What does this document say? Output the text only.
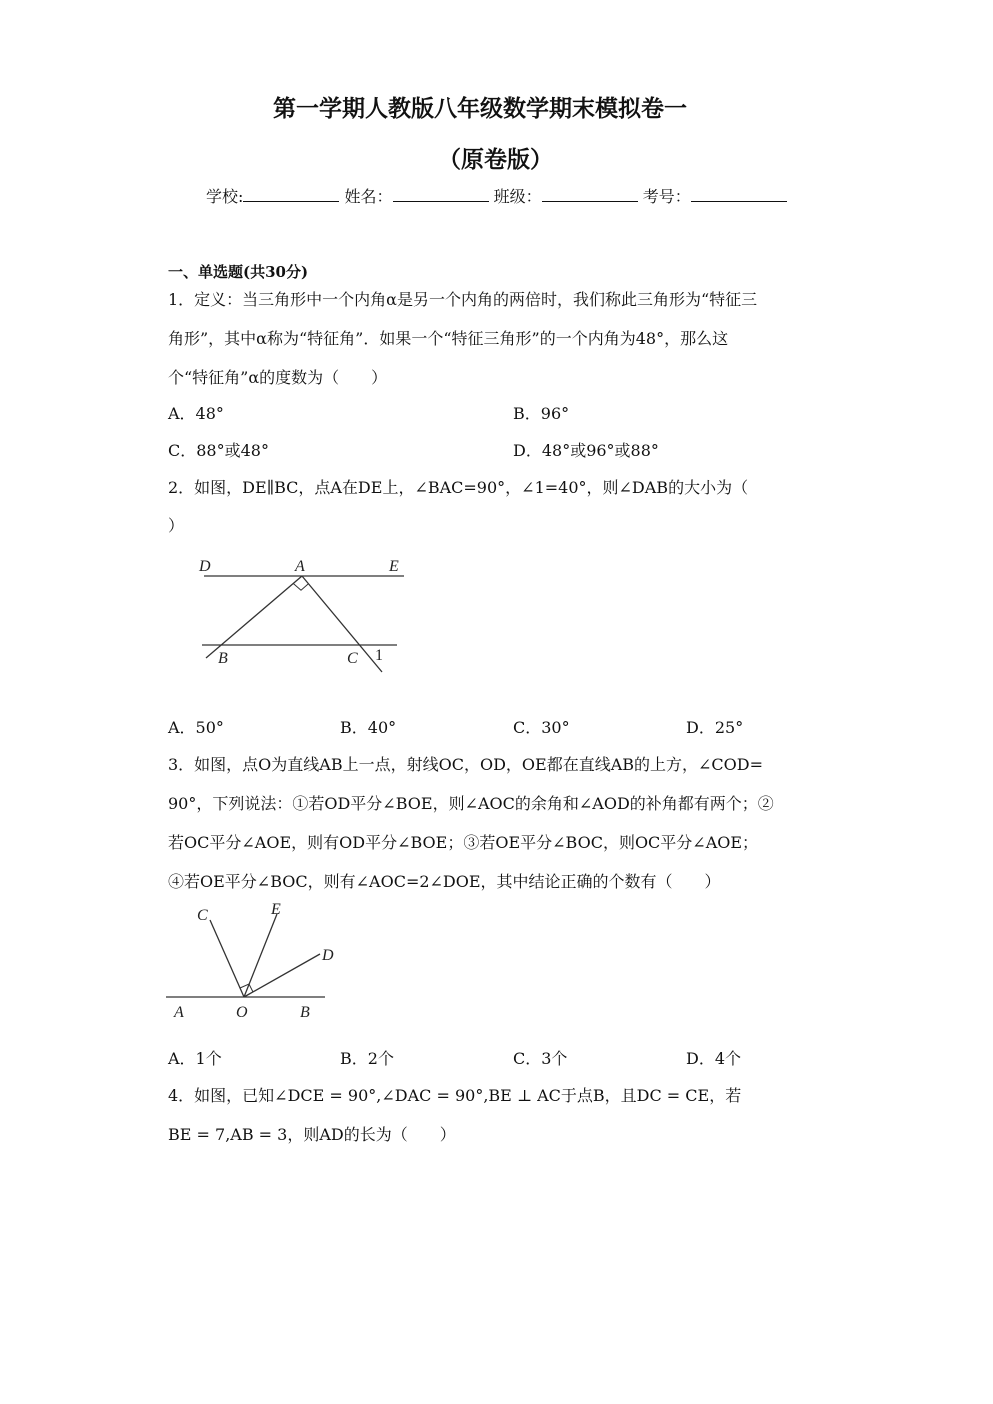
第一学期人教版八年级数学期末模拟卷一
（原卷版）
学校:	姓名：	班级：	考号：
一、单选题(共30分)
1．定义：当三角形中一个内角α是另一个内角的两倍时，我们称此三角形为“特征三
角形”，其中α称为“特征角”．如果一个“特征三角形”的一个内角为48°，那么这
个“特征角”α的度数为（　　）
A．48°	B．96°
C．88°或48°	D．48°或96°或88°
2．如图，DE∥BC，点A在DE上，∠BAC=90°，∠1=40°，则∠DAB的大小为（
）
D	A	E
B	C 1
A．50°	B．40°	C．30°	D．25°
3．如图，点O为直线AB上一点，射线OC，OD，OE都在直线AB的上方，∠COD=
90°，下列说法：①若OD平分∠BOE，则∠AOC的余角和∠AOD的补角都有两个；②
若OC平分∠AOE，则有OD平分∠BOE；③若OE平分∠BOC，则OC平分∠AOE；
④若OE平分∠BOC，则有∠AOC=2∠DOE，其中结论正确的个数有（　　）
C	E
D
A	O	B
A．1个	B．2个	C．3个	D．4个
4．如图，已知∠DCE = 90°,∠DAC = 90°,BE ⊥ AC于点B，且DC = CE，若
BE = 7,AB = 3，则AD的长为（　　）
